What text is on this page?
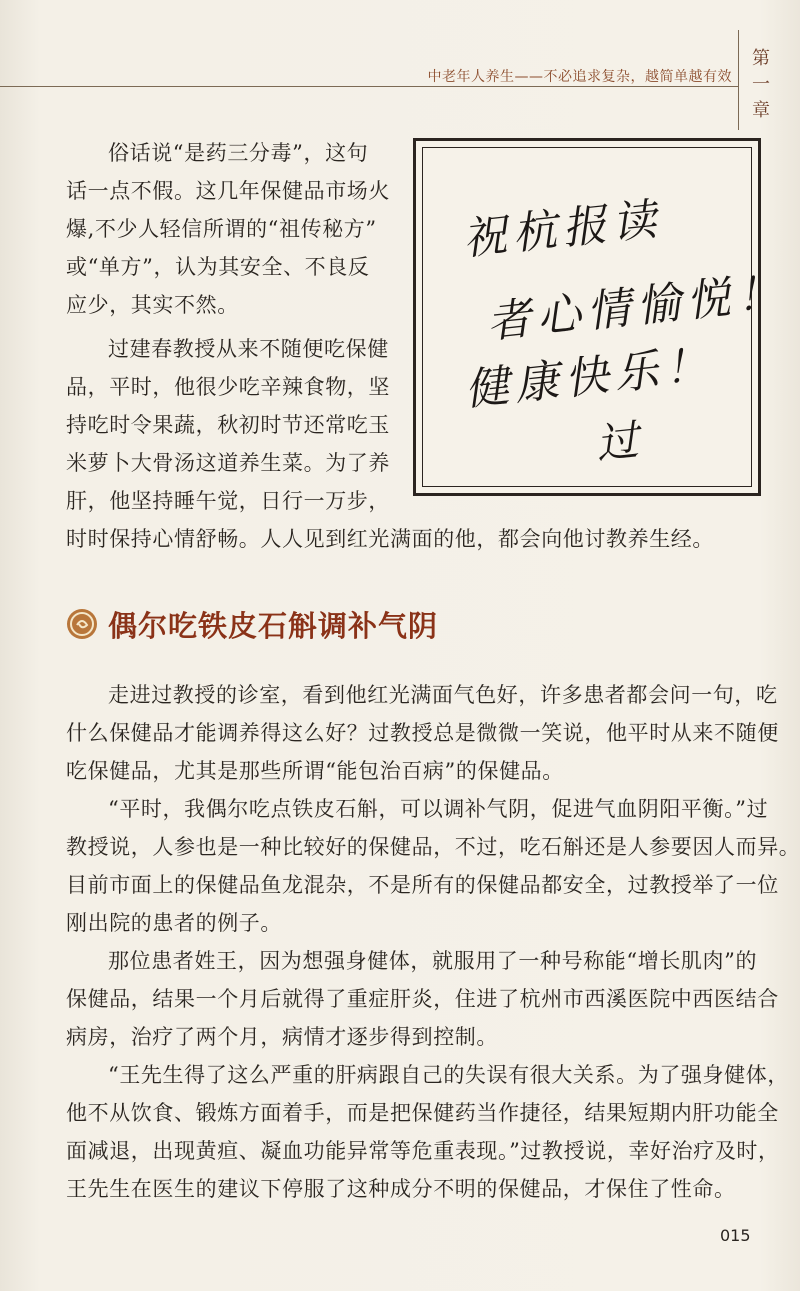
中老年人养生——不必追求复杂，越简单越有效
第
一
章
俗话说“是药三分毒”，这句
话一点不假。这几年保健品市场火
爆,不少人轻信所谓的“祖传秘方”
或“单方”，认为其安全、不良反
应少，其实不然。
过建春教授从来不随便吃保健
品，平时，他很少吃辛辣食物，坚
持吃时令果蔬，秋初时节还常吃玉
米萝卜大骨汤这道养生菜。为了养
肝，他坚持睡午觉，日行一万步，
时时保持心情舒畅。人人见到红光满面的他，都会向他讨教养生经。
祝杭报读
者心情愉悦！
健康快乐！
过
偶尔吃铁皮石斛调补气阴
走进过教授的诊室，看到他红光满面气色好，许多患者都会问一句，吃
什么保健品才能调养得这么好？过教授总是微微一笑说，他平时从来不随便
吃保健品，尤其是那些所谓“能包治百病”的保健品。
“平时，我偶尔吃点铁皮石斛，可以调补气阴，促进气血阴阳平衡。”过
教授说，人参也是一种比较好的保健品，不过，吃石斛还是人参要因人而异。
目前市面上的保健品鱼龙混杂，不是所有的保健品都安全，过教授举了一位
刚出院的患者的例子。
那位患者姓王，因为想强身健体，就服用了一种号称能“增长肌肉”的
保健品，结果一个月后就得了重症肝炎，住进了杭州市西溪医院中西医结合
病房，治疗了两个月，病情才逐步得到控制。
“王先生得了这么严重的肝病跟自己的失误有很大关系。为了强身健体，
他不从饮食、锻炼方面着手，而是把保健药当作捷径，结果短期内肝功能全
面减退，出现黄疸、凝血功能异常等危重表现。”过教授说，幸好治疗及时，
王先生在医生的建议下停服了这种成分不明的保健品，才保住了性命。
015
